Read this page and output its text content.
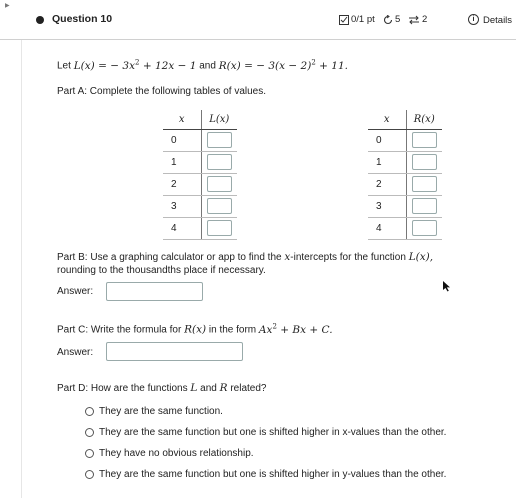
▶
Question 10	0/1 pt 5 2	i Details
Let L(x) = − $3x^2 + 12x - 1$ and R(x) = − $3(x - 2)^2 + 11$.
Part A: Complete the following tables of values.
x	L(x)
0	
1	
2	
3	
4	
x	R(x)
0	
1	
2	
3	
4	
Part B: Use a graphing calculator or app to find the x-intercepts for the function L(x),
rounding to the thousandths place if necessary.
Answer:
Part C: Write the formula for R(x) in the form $Ax^2 + Bx + C$.
Answer:
Part D: How are the functions L and R related?
They are the same function.
They are the same function but one is shifted higher in x-values than the other.
They have no obvious relationship.
They are the same function but one is shifted higher in y-values than the other.
